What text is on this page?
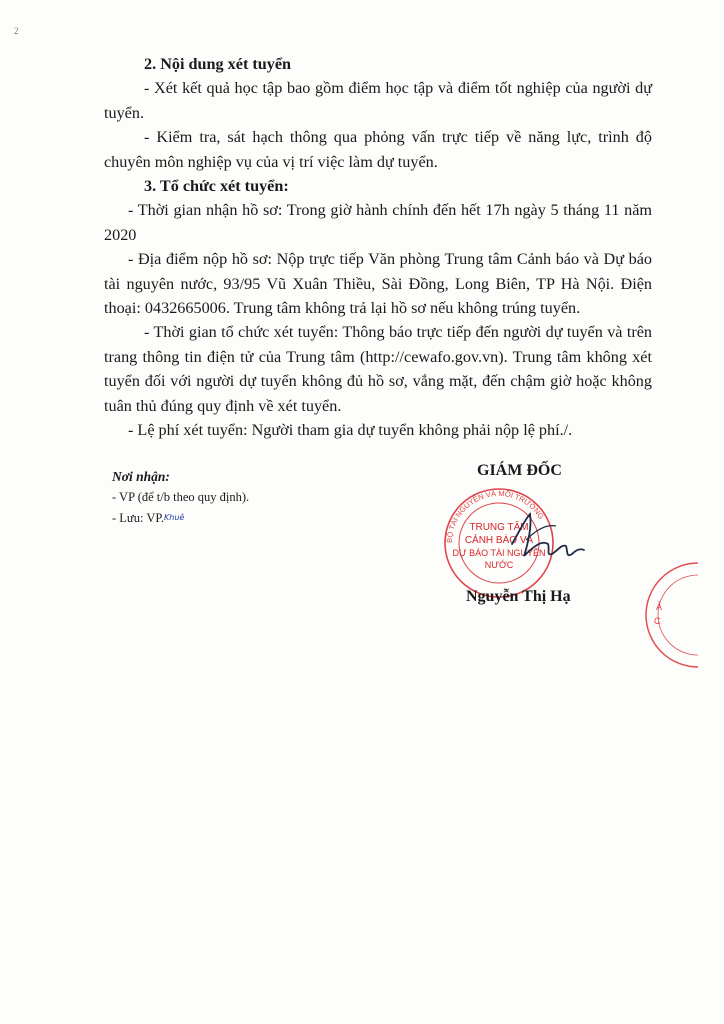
2

2. Nội dung xét tuyển

- Xét kết quả học tập bao gồm điểm học tập và điểm tốt nghiệp của người dự tuyển.

- Kiểm tra, sát hạch thông qua phỏng vấn trực tiếp về năng lực, trình độ chuyên môn nghiệp vụ của vị trí việc làm dự tuyển.

3. Tổ chức xét tuyển:

- Thời gian nhận hồ sơ: Trong giờ hành chính đến hết 17h ngày 5 tháng 11 năm 2020

- Địa điểm nộp hồ sơ: Nộp trực tiếp Văn phòng Trung tâm Cảnh báo và Dự báo tài nguyên nước, 93/95 Vũ Xuân Thiều, Sài Đồng, Long Biên, TP Hà Nội. Điện thoại: 0432665006. Trung tâm không trả lại hồ sơ nếu không trúng tuyển.

- Thời gian tổ chức xét tuyển: Thông báo trực tiếp đến người dự tuyển và trên trang thông tin điện tử của Trung tâm (http://cewafo.gov.vn). Trung tâm không xét tuyển đối với người dự tuyển không đủ hồ sơ, vắng mặt, đến chậm giờ hoặc không tuân thủ đúng quy định về xét tuyển.

- Lệ phí xét tuyển: Người tham gia dự tuyển không phải nộp lệ phí./.

Nơi nhận:
- VP (để t/b theo quy định).
- Lưu: VP.Khuê
GIÁM ĐỐC
BỘ TÀI NGUYÊN VÀ MÔI TRƯỜNG
TRUNG TÂM
CẢNH BÁO VÀ
DỰ BÁO TÀI NGUYÊN
NƯỚC
Nguyễn Thị Hạ
Ả
C
